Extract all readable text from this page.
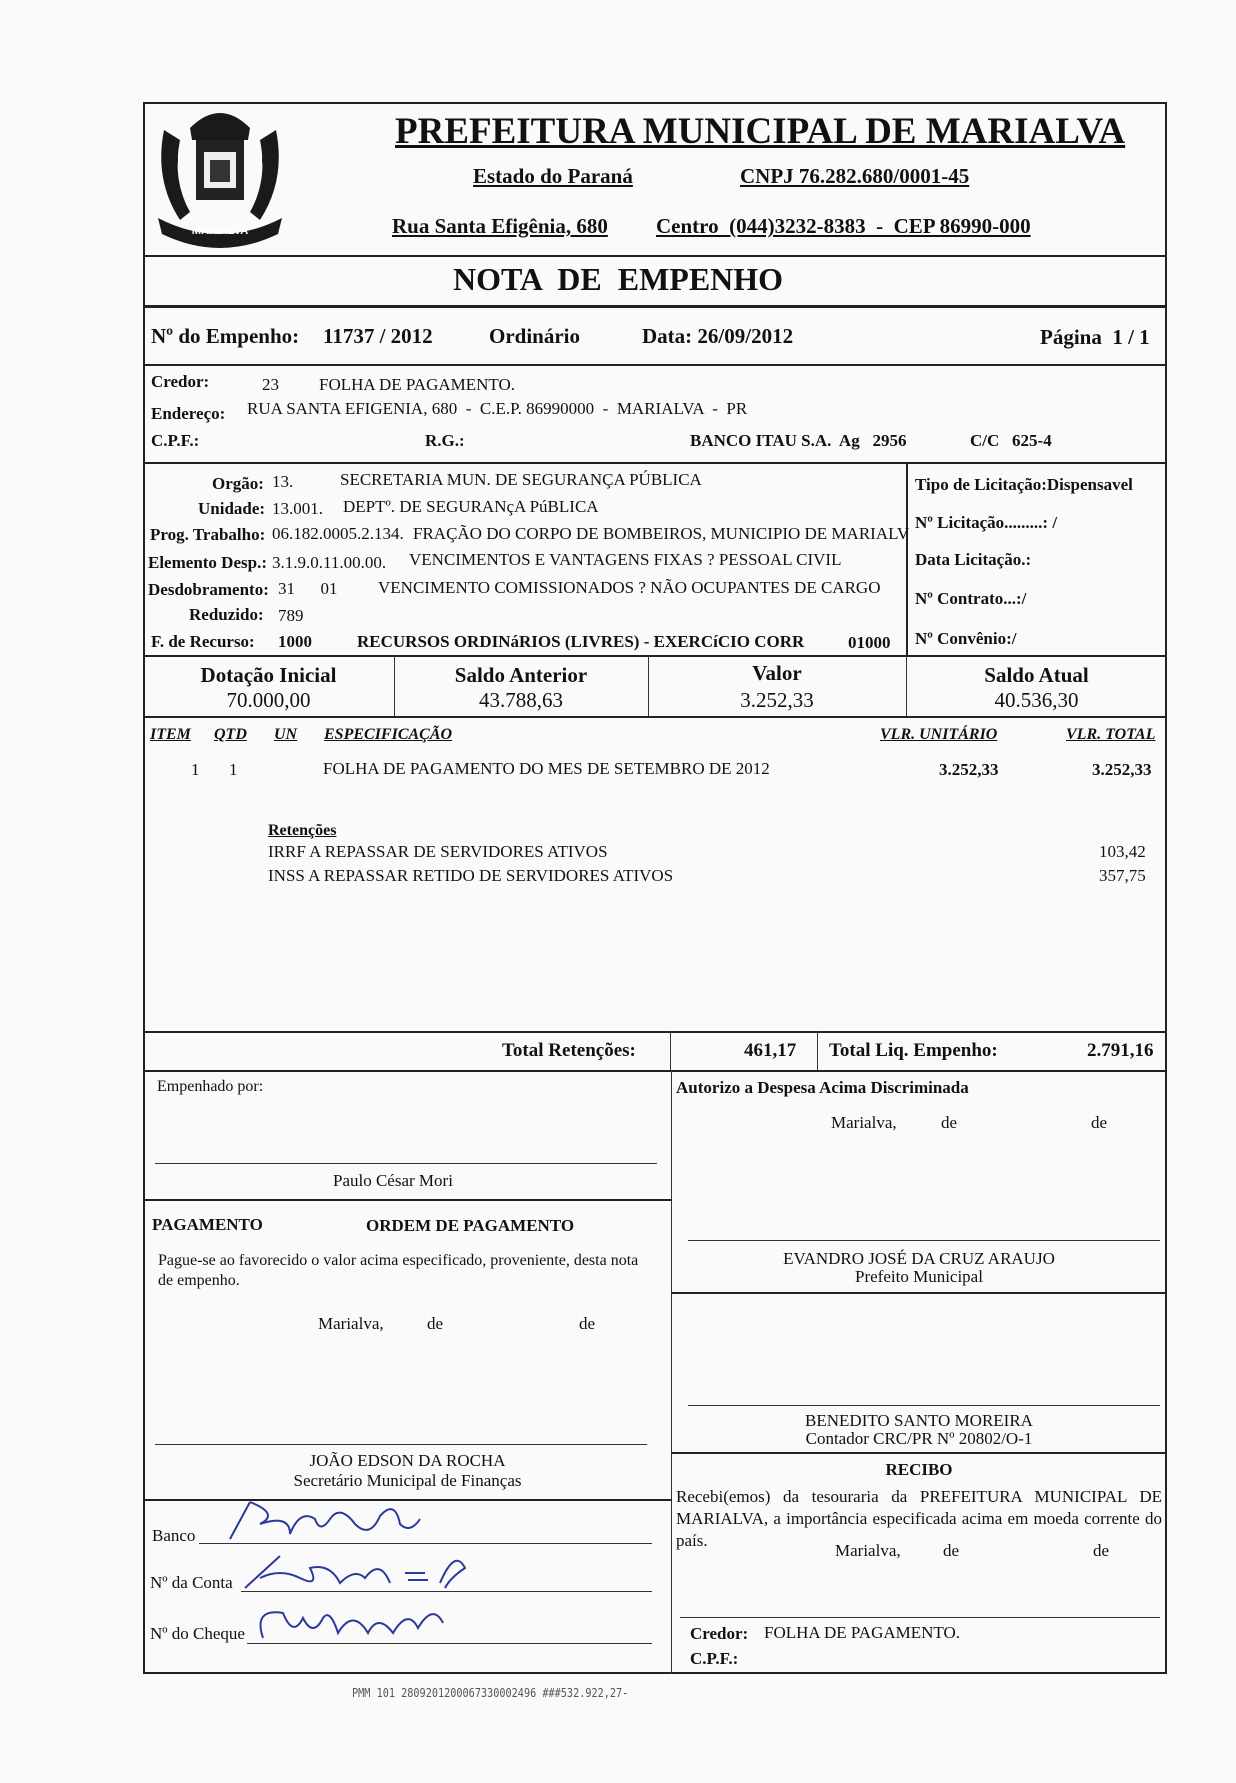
MARIALVA
PREFEITURA MUNICIPAL DE MARIALVA
Estado do Paraná	CNPJ 76.282.680/0001-45
Rua Santa Efigênia, 680 Centro  (044)3232-8383  -  CEP 86990-000
NOTA  DE  EMPENHO
Nº do Empenho: 11737 / 2012	Ordinário	Data: 26/09/2012	Página  1 / 1
Credor:	23 FOLHA DE PAGAMENTO.
Endereço: RUA SANTA EFIGENIA, 680  -  C.E.P. 86990000  -  MARIALVA  -  PR
C.P.F.:	R.G.:	BANCO ITAU S.A.  Ag   2956	C/C   625-4
Orgão: 13.	SECRETARIA MUN. DE SEGURANÇA PÚBLICA
Unidade: 13.001. DEPTº. DE SEGURANçA PúBLICA
Prog. Trabalho: 06.182.0005.2.134. FRAÇÃO DO CORPO DE BOMBEIROS, MUNICIPIO DE MARIALV
Elemento Desp.: 3.1.9.0.11.00.00. VENCIMENTOS E VANTAGENS FIXAS ? PESSOAL CIVIL
Desdobramento: 31      01 VENCIMENTO COMISSIONADOS ? NÃO OCUPANTES DE CARGO
Reduzido: 789
F. de Recurso: 1000	RECURSOS ORDINáRIOS (LIVRES) - EXERCíCIO CORR	01000
Tipo de Licitação:Dispensavel
Nº Licitação.........: /
Data Licitação.:
Nº Contrato...:/
Nº Convênio:/
Dotação Inicial
70.000,00
Saldo Anterior
43.788,63
Valor
3.252,33
Saldo Atual
40.536,30
ITEM QTD UN ESPECIFICAÇÃO	VLR. UNITÁRIO	VLR. TOTAL
1 1	FOLHA DE PAGAMENTO DO MES DE SETEMBRO DE 2012	3.252,33	3.252,33
Retenções
IRRF A REPASSAR DE SERVIDORES ATIVOS	103,42
INSS A REPASSAR RETIDO DE SERVIDORES ATIVOS	357,75
Total Retenções:	461,17 Total Liq. Empenho:	2.791,16
Empenhado por:
Paulo César Mori
Autorizo a Despesa Acima Discriminada
Marialva,	de	de
EVANDRO JOSÉ DA CRUZ ARAUJO
Prefeito Municipal
BENEDITO SANTO MOREIRA
Contador CRC/PR Nº 20802/O-1
PAGAMENTO	ORDEM DE PAGAMENTO
Pague-se ao favorecido o valor acima especificado, proveniente, desta nota de empenho.
Marialva,	de	de
JOÃO EDSON DA ROCHA
Secretário Municipal de Finanças
RECIBO
Recebi(emos) da tesouraria da PREFEITURA MUNICIPAL DE MARIALVA, a importância especificada acima em moeda corrente do país.
Marialva, de	de
Credor: FOLHA DE PAGAMENTO.
C.P.F.:
Banco
Nº da Conta
Nº do Cheque
PMM 101 2809201200067330002496 ###532.922,27-
